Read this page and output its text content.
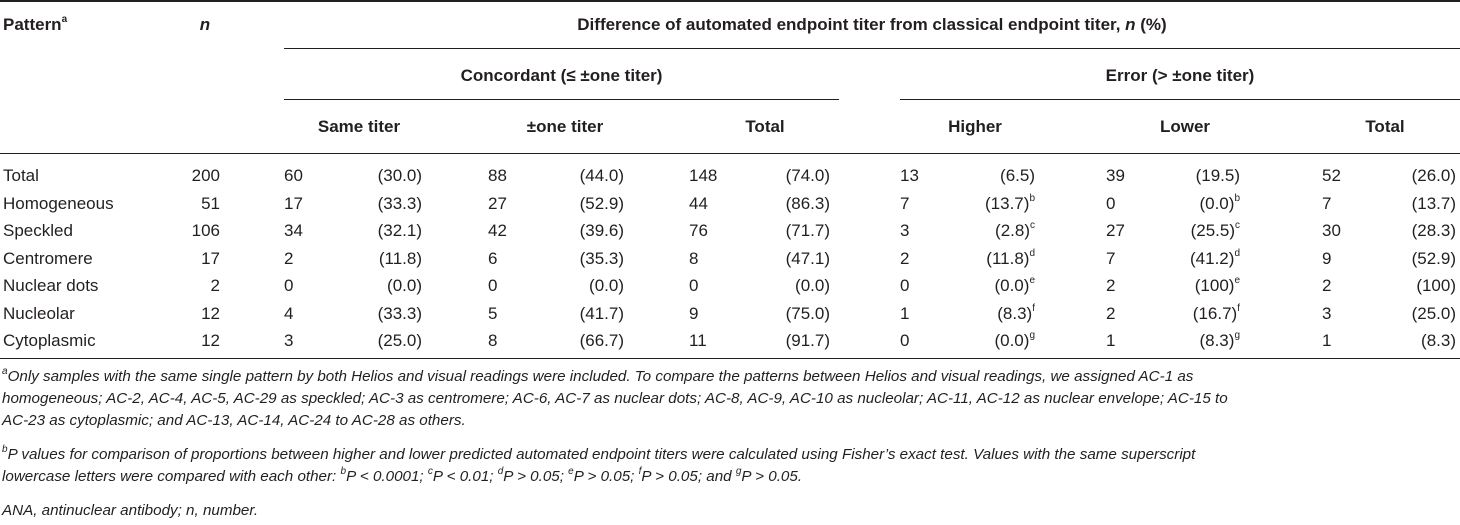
Pattern$^a$	n	Difference of automated endpoint titer from classical endpoint titer, n (%)
Concordant (≤ ±one titer)	Error (> ±one titer)
Same titer	±one titer	Total	Higher	Lower	Total
Total	200	60	(30.0)	88	(44.0)	148	(74.0)	13	(6.5)	39	(19.5)	52	(26.0)
Homogeneous	51	17	(33.3)	27	(52.9)	44	(86.3)	7	$(13.7)^b$	0	$(0.0)^b$	7	(13.7)
Speckled	106	34	(32.1)	42	(39.6)	76	(71.7)	3	$(2.8)^c$	27	$(25.5)^c$	30	(28.3)
Centromere	17	2	(11.8)	6	(35.3)	8	(47.1)	2	$(11.8)^d$	7	$(41.2)^d$	9	(52.9)
Nuclear dots	2	0	(0.0)	0	(0.0)	0	(0.0)	0	$(0.0)^e$	2	$(100)^e$	2	(100)
Nucleolar	12	4	(33.3)	5	(41.7)	9	(75.0)	1	$(8.3)^f$	2	$(16.7)^f$	3	(25.0)
Cytoplasmic	12	3	(25.0)	8	(66.7)	11	(91.7)	0	$(0.0)^g$	1	$(8.3)^g$	1	(8.3)
$^a$Only samples with the same single pattern by both Helios and visual readings were included. To compare the patterns between Helios and visual readings, we assigned AC-1 as
homogeneous; AC-2, AC-4, AC-5, AC-29 as speckled; AC-3 as centromere; AC-6, AC-7 as nuclear dots; AC-8, AC-9, AC-10 as nucleolar; AC-11, AC-12 as nuclear envelope; AC-15 to
AC-23 as cytoplasmic; and AC-13, AC-14, AC-24 to AC-28 as others.
$^b$P values for comparison of proportions between higher and lower predicted automated endpoint titers were calculated using Fisher’s exact test. Values with the same superscript
lowercase letters were compared with each other: $^b$P < 0.0001; $^c$P < 0.01; $^d$P > 0.05; $^e$P > 0.05; $^f$P > 0.05; and $^g$P > 0.05.
ANA, antinuclear antibody; n, number.
